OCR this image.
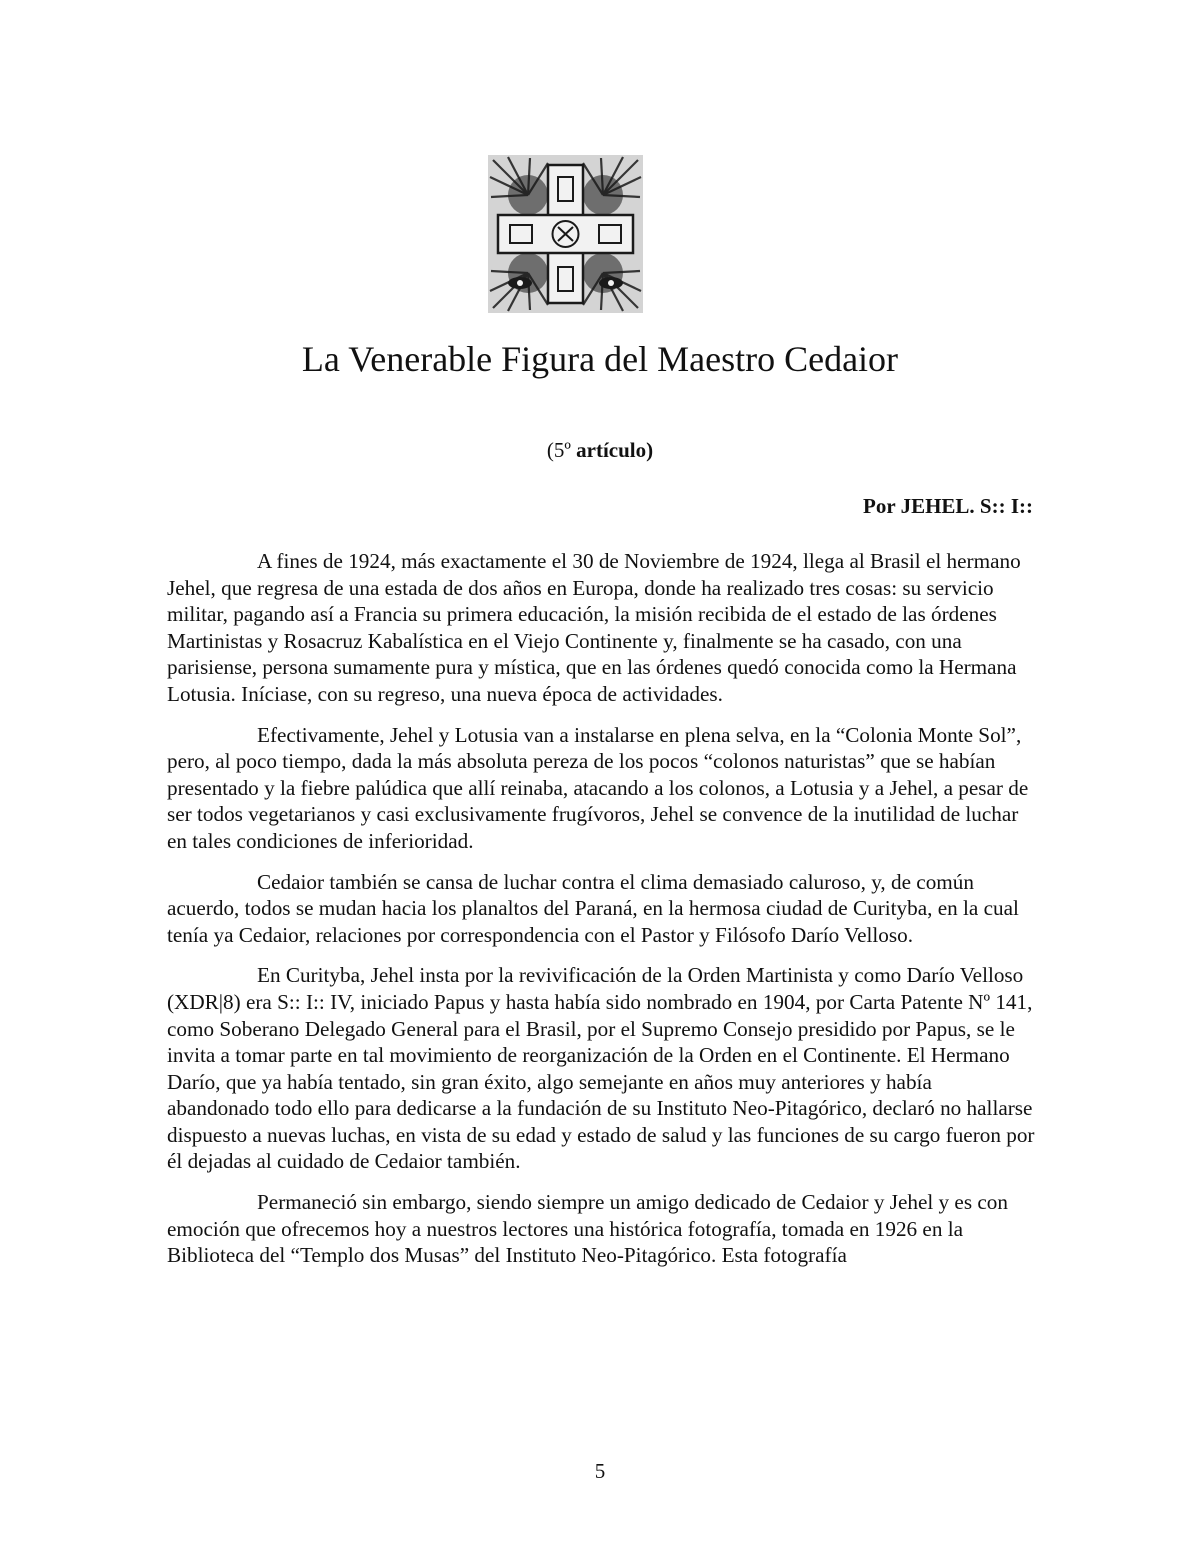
La Venerable Figura del Maestro Cedaior
(5º artículo)
Por JEHEL. S:: I::

A fines de 1924, más exactamente el 30 de Noviembre de 1924, llega al Brasil el hermano Jehel, que regresa de una estada de dos años en Europa, donde ha realizado tres cosas: su servicio militar, pagando así a Francia su primera educación, la misión recibida de el estado de las órdenes Martinistas y Rosacruz Kabalística en el Viejo Continente y, finalmente se ha casado, con una parisiense, persona sumamente pura y mística, que en las órdenes quedó conocida como la Hermana Lotusia. Iníciase, con su regreso, una nueva época de actividades.

Efectivamente, Jehel y Lotusia van a instalarse en plena selva, en la “Colonia Monte Sol”, pero, al poco tiempo, dada la más absoluta pereza de los pocos “colonos naturistas” que se habían presentado y la fiebre palúdica que allí reinaba, atacando a los colonos, a Lotusia y a Jehel, a pesar de ser todos vegetarianos y casi exclusivamente frugívoros, Jehel se convence de la inutilidad de luchar en tales condiciones de inferioridad.

Cedaior también se cansa de luchar contra el clima demasiado caluroso, y, de común acuerdo, todos se mudan hacia los planaltos del Paraná, en la hermosa ciudad de Curityba, en la cual tenía ya Cedaior, relaciones por correspondencia con el Pastor y Filósofo Darío Velloso.

En Curityba, Jehel insta por la revivificación de la Orden Martinista y como Darío Velloso (XDR|8) era S:: I:: IV, iniciado Papus y hasta había sido nombrado en 1904, por Carta Patente Nº 141, como Soberano Delegado General para el Brasil, por el Supremo Consejo presidido por Papus, se le invita a tomar parte en tal movimiento de reorganización de la Orden en el Continente. El Hermano Darío, que ya había tentado, sin gran éxito, algo semejante en años muy anteriores y había abandonado todo ello para dedicarse a la fundación de su Instituto Neo-Pitagórico, declaró no hallarse dispuesto a nuevas luchas, en vista de su edad y estado de salud y las funciones de su cargo fueron por él dejadas al cuidado de Cedaior también.

Permaneció sin embargo, siendo siempre un amigo dedicado de Cedaior y Jehel y es con emoción que ofrecemos hoy a nuestros lectores una histórica fotografía, tomada en 1926 en la Biblioteca del “Templo dos Musas” del Instituto Neo-Pitagórico. Esta fotografía

5
